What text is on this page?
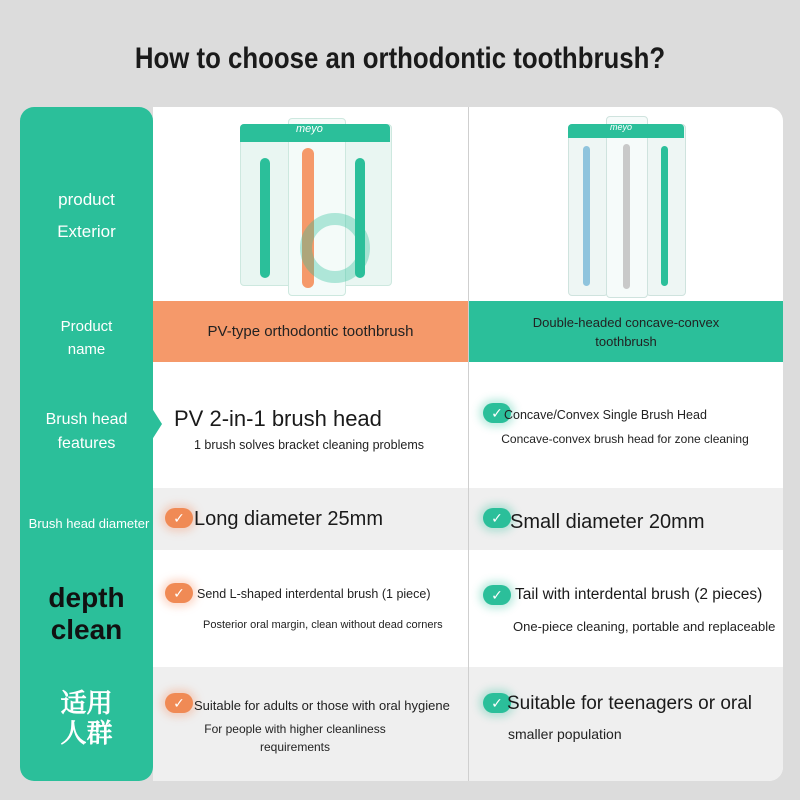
How to choose an orthodontic toothbrush?
meyo	meyo
PV-type orthodontic toothbrush
Double-headed concave-convex toothbrush
product
Exterior
Product
name
Brush head
features
Brush head diameter
depth
clean
适用
人群
PV 2-in-1 brush head
1 brush solves bracket cleaning problems
✓ Concave/Convex Single Brush Head
Concave-convex brush head for zone cleaning
✓ Long diameter 25mm	✓ Small diameter 20mm
✓ Send L-shaped interdental brush (1 piece)
Posterior oral margin, clean without dead corners
✓ Tail with interdental brush (2 pieces)
One-piece cleaning, portable and replaceable
✓ Suitable for adults or those with oral hygiene
For people with higher cleanliness requirements
✓ Suitable for teenagers or oral
smaller population
